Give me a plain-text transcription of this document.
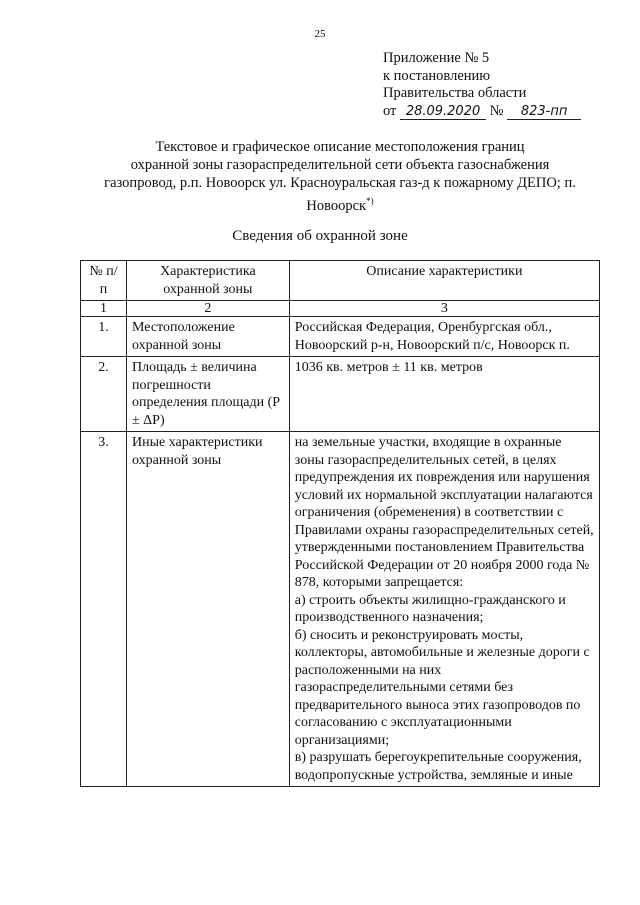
25
Приложение № 5
к постановлению
Правительства области
от 28.09.2020 № 823-пп
Текстовое и графическое описание местоположения границ
охранной зоны газораспределительной сети объекта газоснабжения
газопровод, р.п. Новоорск ул. Красноуральская газ-д к пожарному ДЕПО; п.
Новоорск*)
Сведения об охранной зоне
№ п/п	Характеристика охранной зоны	Описание характеристики
1	2	3
1.	Местоположение охранной зоны	Российская Федерация, Оренбургская обл., Новоорский р-н, Новоорский п/с, Новоорск п.
2.	Площадь ± величина погрешности определения площади (P ± ΔP)	1036 кв. метров ± 11 кв. метров
3.	Иные характеристики охранной зоны	на земельные участки, входящие в охранные зоны газораспределительных сетей, в целях предупреждения их повреждения или нарушения условий их нормальной эксплуатации налагаются ограничения (обременения) в соответствии с Правилами охраны газораспределительных сетей, утвержденными постановлением Правительства Российской Федерации от 20 ноября 2000 года № 878, которыми запрещается:
а) строить объекты жилищно-гражданского и производственного назначения;
б) сносить и реконструировать мосты, коллекторы, автомобильные и железные дороги с расположенными на них газораспределительными сетями без предварительного выноса этих газопроводов по согласованию с эксплуатационными организациями;
в) разрушать берегоукрепительные сооружения, водопропускные устройства, земляные и иные
